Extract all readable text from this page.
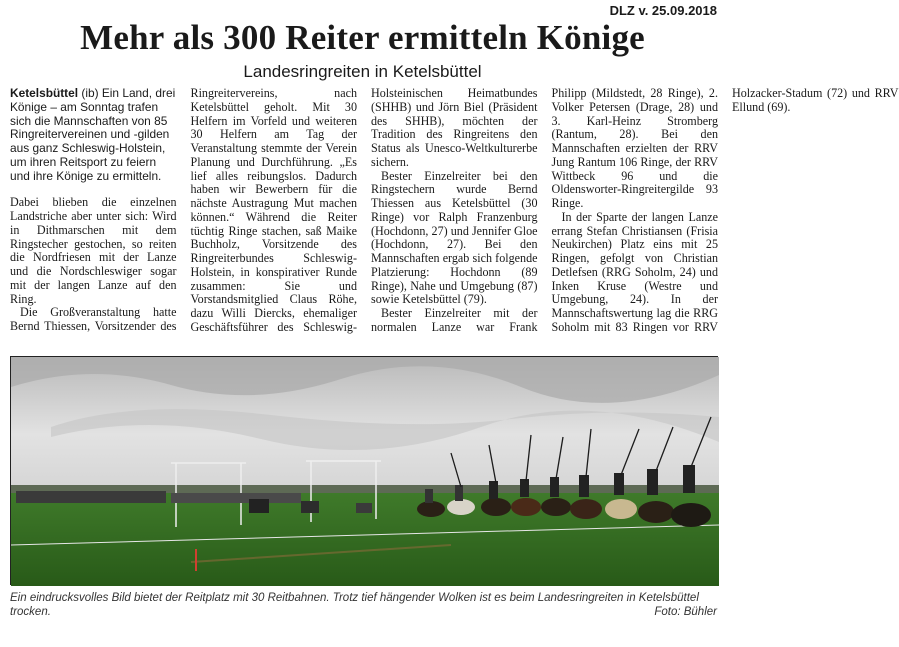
DLZ v. 25.09.2018
Mehr als 300 Reiter ermitteln Könige
Landesringreiten in Ketelsbüttel

Ketelsbüttel (ib) Ein Land, drei Könige – am Sonntag trafen sich die Mannschaften von 85 Ringreitervereinen und -gilden aus ganz Schleswig-Holstein, um ihren Reitsport zu feiern und ihre Könige zu ermitteln.

Dabei blieben die einzelnen Landstriche aber unter sich: Wird in Dithmarschen mit dem Ringstecher gestochen, so reiten die Nordfriesen mit der Lanze und die Nordschleswiger sogar mit der langen Lanze auf den Ring.

Die Großveranstaltung hatte Bernd Thiessen, Vorsitzender des Ringreitervereins, nach Ketelsbüttel geholt. Mit 30 Helfern im Vorfeld und weiteren 30 Helfern am Tag der Veranstaltung stemmte der Verein Planung und Durchführung. „Es lief alles reibungslos. Dadurch haben wir Bewerbern für die nächste Austragung Mut machen können.“ Während die Reiter tüchtig Ringe stachen, saß Maike Buchholz, Vorsitzende des Ringreiterbundes Schleswig-Holstein, in konspirativer Runde zusammen: Sie und Vorstandsmitglied Claus Röhe, dazu Willi Diercks, ehemaliger Geschäftsführer des Schleswig-Holsteinischen Heimatbundes (SHHB) und Jörn Biel (Präsident des SHHB), möchten der Tradition des Ringreitens den Status als Unesco-Weltkulturerbe sichern.

Bester Einzelreiter bei den Ringstechern wurde Bernd Thiessen aus Ketelsbüttel (30 Ringe) vor Ralph Franzenburg (Hochdonn, 27) und Jennifer Gloe (Hochdonn, 27). Bei den Mannschaften ergab sich folgende Platzierung: Hochdonn (89 Ringe), Nahe und Umgebung (87) sowie Ketelsbüttel (79).

Bester Einzelreiter mit der normalen Lanze war Frank Philipp (Mildstedt, 28 Ringe), 2. Volker Petersen (Drage, 28) und 3. Karl-Heinz Stromberg (Rantum, 28). Bei den Mannschaften erzielten der RRV Jung Rantum 106 Ringe, der RRV Wittbeck 96 und die Oldensworter-Ringreitergilde 93 Ringe.

In der Sparte der langen Lanze errang Stefan Christiansen (Frisia Neukirchen) Platz eins mit 25 Ringen, gefolgt von Christian Detlefsen (RRG Soholm, 24) und Inken Kruse (Westre und Umgebung, 24). In der Mannschaftswertung lag die RRG Soholm mit 83 Ringen vor RRV Holzacker-Stadum (72) und RRV Ellund (69).

Ein eindrucksvolles Bild bietet der Reitplatz mit 30 Reitbahnen. Trotz tief hängender Wolken ist es beim Landesringreiten in Ketelsbüttel trocken.	Foto: Bühler
